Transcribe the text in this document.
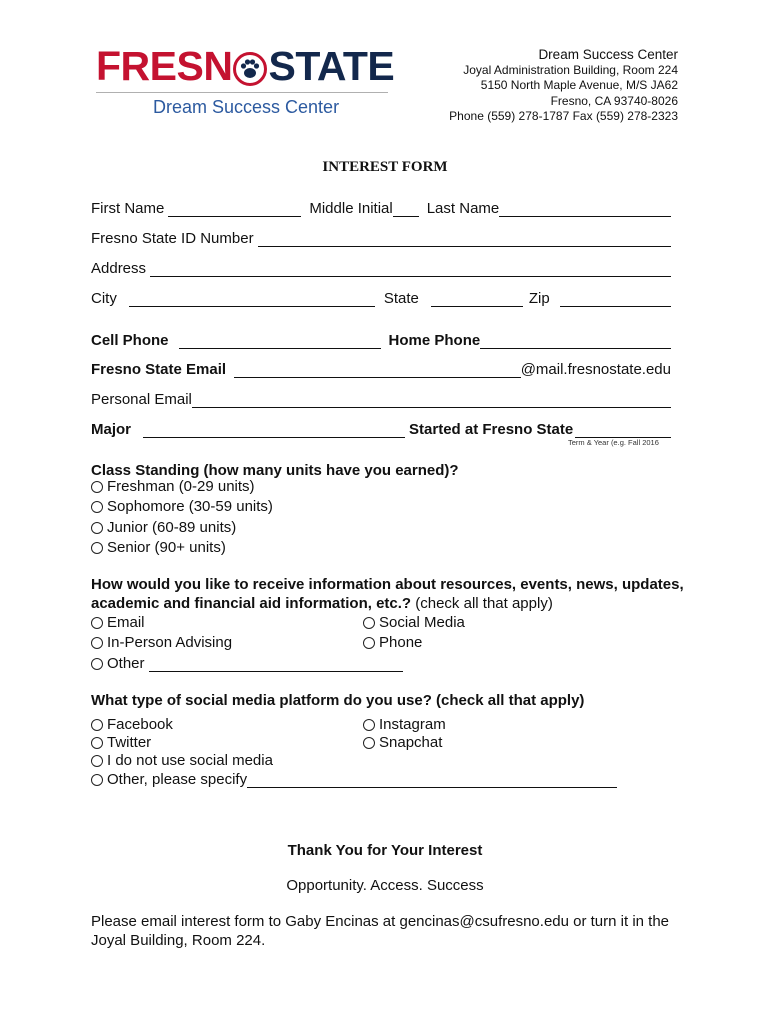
FRESN STATE
Dream Success Center
Dream Success Center
Joyal Administration Building, Room 224
5150 North Maple Avenue, M/S JA62
Fresno, CA 93740-8026
Phone (559) 278-1787 Fax (559) 278-2323
INTEREST FORM
First Name	Middle Initial Last Name
Fresno State ID Number
Address
City	State	Zip
Cell Phone	Home Phone
Fresno State Email	@mail.fresnostate.edu
Personal Email
Major	Started at Fresno State
Term & Year (e.g. Fall 2016
Class Standing (how many units have you earned)?
Freshman (0-29 units)
Sophomore (30-59 units)
Junior (60-89 units)
Senior (90+ units)
How would you like to receive information about resources, events, news, updates, academic and financial aid information, etc.? (check all that apply)
Email	Social Media
In-Person Advising	Phone
Other
What type of social media platform do you use? (check all that apply)
Facebook	Instagram
Twitter	Snapchat
I do not use social media
Other, please specify
Thank You for Your Interest
Opportunity. Access. Success
Please email interest form to Gaby Encinas at gencinas@csufresno.edu or turn it in the Joyal Building, Room 224.
